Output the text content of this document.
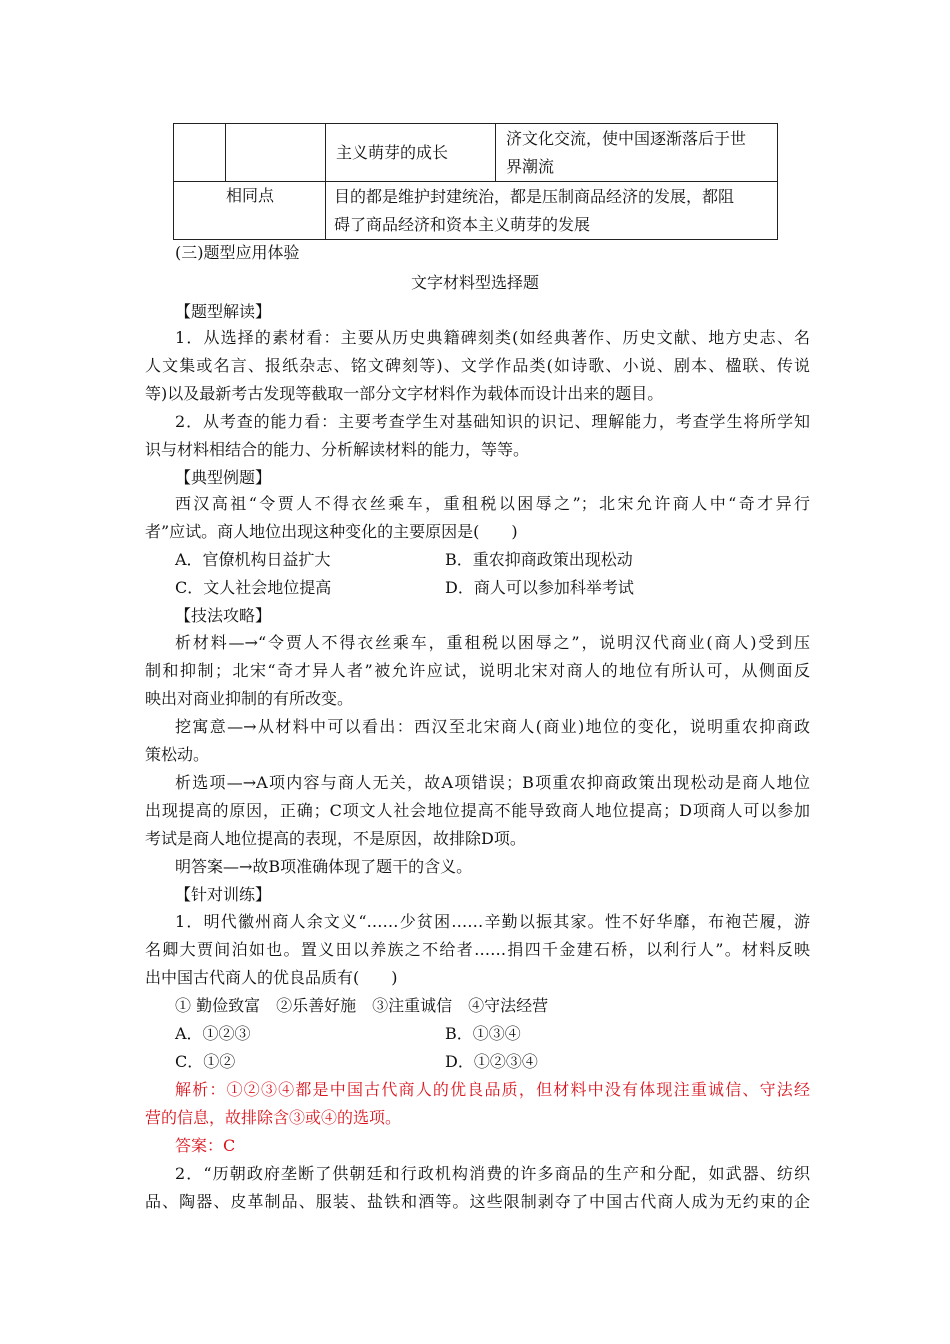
		主义萌芽的成长	济文化交流，使中国逐渐落后于世
界潮流

相同点		目的都是维护封建统治，都是压制商品经济的发展，都阻
碍了商品经济和资本主义萌芽的发展	
(三)题型应用体验
文字材料型选择题
【题型解读】
1．从选择的素材看：主要从历史典籍碑刻类(如经典著作、历史文献、地方史志、名
人文集或名言、报纸杂志、铭文碑刻等)、文学作品类(如诗歌、小说、剧本、楹联、传说
等)以及最新考古发现等截取一部分文字材料作为载体而设计出来的题目。
2．从考查的能力看：主要考查学生对基础知识的识记、理解能力，考查学生将所学知
识与材料相结合的能力、分析解读材料的能力，等等。
【典型例题】
西汉高祖“令贾人不得衣丝乘车，重租税以困辱之”；北宋允许商人中“奇才异行
者”应试。商人地位出现这种变化的主要原因是(　　)
A．官僚机构日益扩大	B．重农抑商政策出现松动
C．文人社会地位提高	D．商人可以参加科举考试
【技法攻略】
析材料—→“令贾人不得衣丝乘车，重租税以困辱之”，说明汉代商业(商人)受到压
制和抑制；北宋“奇才异人者”被允许应试，说明北宋对商人的地位有所认可，从侧面反
映出对商业抑制的有所改变。
挖寓意—→从材料中可以看出：西汉至北宋商人(商业)地位的变化，说明重农抑商政
策松动。
析选项—→A项内容与商人无关，故A项错误；B项重农抑商政策出现松动是商人地位
出现提高的原因，正确；C项文人社会地位提高不能导致商人地位提高；D项商人可以参加
考试是商人地位提高的表现，不是原因，故排除D项。
明答案—→故B项准确体现了题干的含义。
【针对训练】
1．明代徽州商人余文义“……少贫困……辛勤以振其家。性不好华靡，布袍芒履，游
名卿大贾间泊如也。置义田以养族之不给者……捐四千金建石桥，以利行人”。材料反映
出中国古代商人的优良品质有(　　)
① 勤俭致富　②乐善好施　③注重诚信　④守法经营
A．①②③	B．①③④
C．①②	D．①②③④
解析：①②③④都是中国古代商人的优良品质，但材料中没有体现注重诚信、守法经
营的信息，故排除含③或④的选项。
答案：C
2．“历朝政府垄断了供朝廷和行政机构消费的许多商品的生产和分配，如武器、纺织
品、陶器、皮革制品、服装、盐铁和酒等。这些限制剥夺了中国古代商人成为无约束的企
